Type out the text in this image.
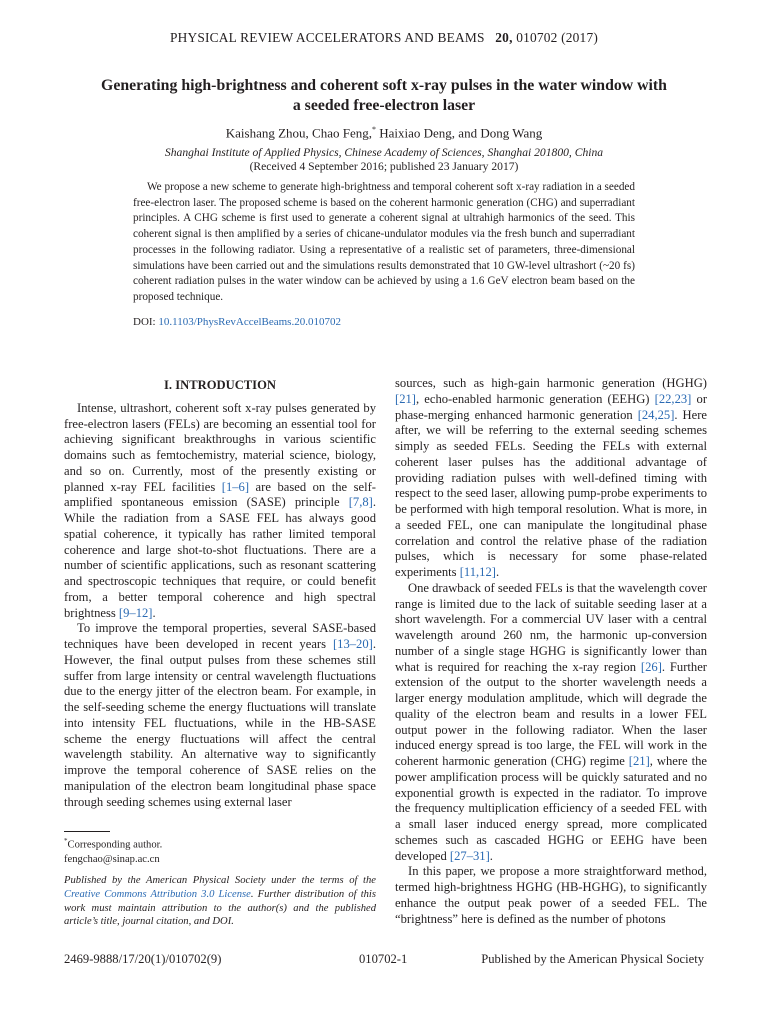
PHYSICAL REVIEW ACCELERATORS AND BEAMS 20, 010702 (2017)
Generating high-brightness and coherent soft x-ray pulses in the water window with a seeded free-electron laser
Kaishang Zhou, Chao Feng,* Haixiao Deng, and Dong Wang
Shanghai Institute of Applied Physics, Chinese Academy of Sciences, Shanghai 201800, China
(Received 4 September 2016; published 23 January 2017)

We propose a new scheme to generate high-brightness and temporal coherent soft x-ray radiation in a seeded free-electron laser. The proposed scheme is based on the coherent harmonic generation (CHG) and superradiant principles. A CHG scheme is first used to generate a coherent signal at ultrahigh harmonics of the seed. This coherent signal is then amplified by a series of chicane-undulator modules via the fresh bunch and superradiant processes in the following radiator. Using a representative of a realistic set of parameters, three-dimensional simulations have been carried out and the simulations results demonstrated that 10 GW-level ultrashort (~20 fs) coherent radiation pulses in the water window can be achieved by using a 1.6 GeV electron beam based on the proposed technique.

DOI: 10.1103/PhysRevAccelBeams.20.010702
I. INTRODUCTION

Intense, ultrashort, coherent soft x-ray pulses generated by free-electron lasers (FELs) are becoming an essential tool for achieving significant breakthroughs in various scientific domains such as femtochemistry, material science, biology, and so on. Currently, most of the presently existing or planned x-ray FEL facilities [1–6] are based on the self-amplified spontaneous emission (SASE) principle [7,8]. While the radiation from a SASE FEL has always good spatial coherence, it typically has rather limited temporal coherence and large shot-to-shot fluctuations. There are a number of scientific applications, such as resonant scattering and spectroscopic techniques that require, or could benefit from, a better temporal coherence and high spectral brightness [9–12].

To improve the temporal properties, several SASE-based techniques have been developed in recent years [13–20]. However, the final output pulses from these schemes still suffer from large intensity or central wavelength fluctuations due to the energy jitter of the electron beam. For example, in the self-seeding scheme the energy fluctuations will translate into intensity FEL fluctuations, while in the HB-SASE scheme the energy fluctuations will affect the central wavelength stability. An alternative way to significantly improve the temporal coherence of SASE relies on the manipulation of the electron beam longitudinal phase space through seeding schemes using external laser

sources, such as high-gain harmonic generation (HGHG) [21], echo-enabled harmonic generation (EEHG) [22,23] or phase-merging enhanced harmonic generation [24,25]. Here after, we will be referring to the external seeding schemes simply as seeded FELs. Seeding the FELs with external coherent laser pulses has the additional advantage of providing radiation pulses with well-defined timing with respect to the seed laser, allowing pump-probe experiments to be performed with high temporal resolution. What is more, in a seeded FEL, one can manipulate the longitudinal phase correlation and control the relative phase of the radiation pulses, which is necessary for some phase-related experiments [11,12].

One drawback of seeded FELs is that the wavelength cover range is limited due to the lack of suitable seeding laser at a short wavelength. For a commercial UV laser with a central wavelength around 260 nm, the harmonic up-conversion number of a single stage HGHG is significantly lower than what is required for reaching the x-ray region [26]. Further extension of the output to the shorter wavelength needs a larger energy modulation amplitude, which will degrade the quality of the electron beam and results in a lower FEL output power in the following radiator. When the laser induced energy spread is too large, the FEL will work in the coherent harmonic generation (CHG) regime [21], where the power amplification process will be quickly saturated and no exponential growth is expected in the radiator. To improve the frequency multiplication efficiency of a seeded FEL with a small laser induced energy spread, more complicated schemes such as cascaded HGHG or EEHG have been developed [27–31].

In this paper, we propose a more straightforward method, termed high-brightness HGHG (HB-HGHG), to significantly enhance the output peak power of a seeded FEL. The “brightness” here is defined as the number of photons

*Corresponding author.

fengchao@sinap.ac.cn

Published by the American Physical Society under the terms of the Creative Commons Attribution 3.0 License. Further distribution of this work must maintain attribution to the author(s) and the published article’s title, journal citation, and DOI.

2469-9888/17/20(1)/010702(9)	010702-1	Published by the American Physical Society
